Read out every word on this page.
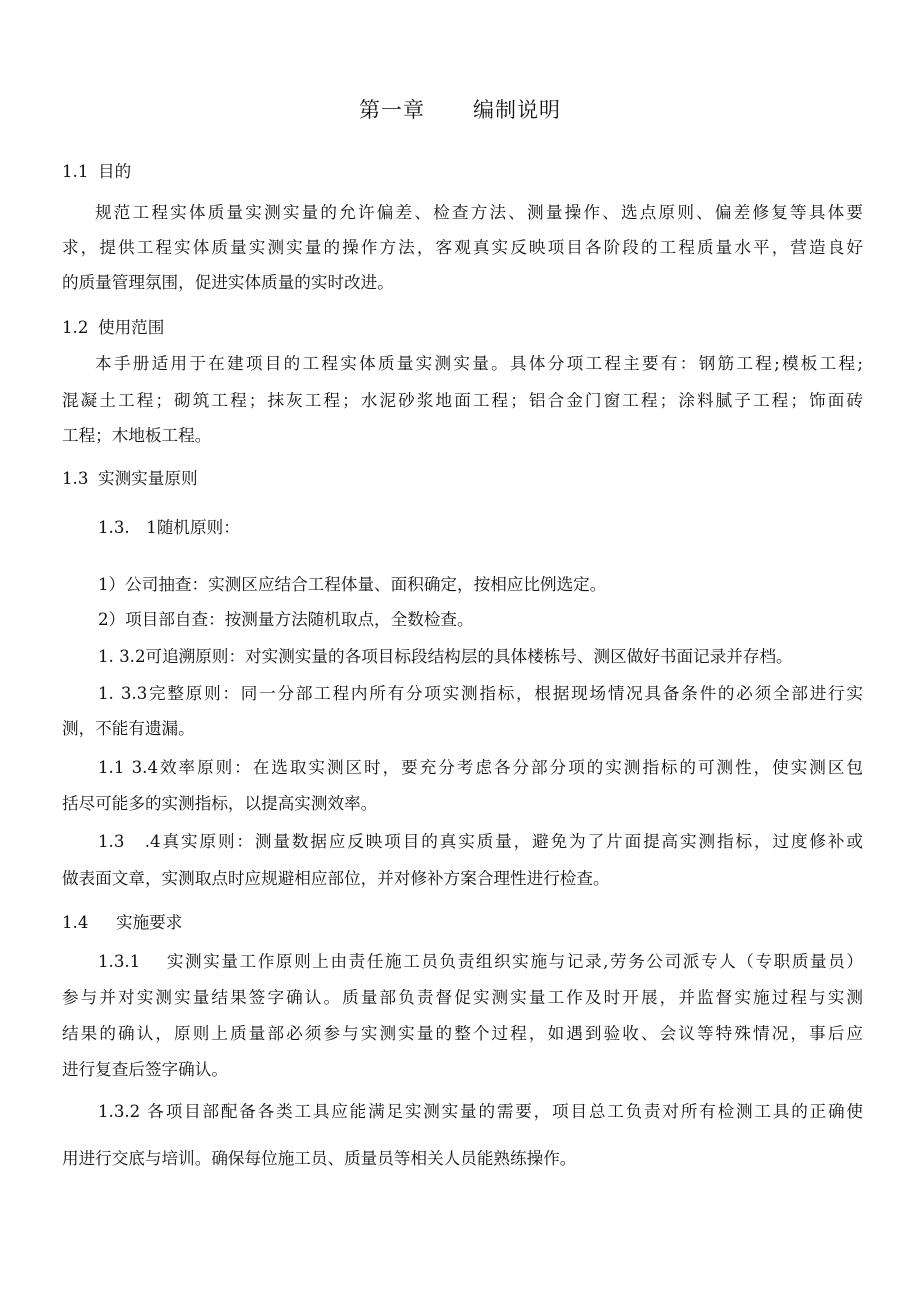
第一章 编制说明
1.1 目的
规范工程实体质量实测实量的允许偏差、检查方法、测量操作、选点原则、偏差修复等具体要
求，提供工程实体质量实测实量的操作方法，客观真实反映项目各阶段的工程质量水平，营造良好
的质量管理氛围，促进实体质量的实时改进。
1.2 使用范围
本手册适用于在建项目的工程实体质量实测实量。具体分项工程主要有：钢筋工程;模板工程;
混凝土工程；砌筑工程；抹灰工程；水泥砂浆地面工程；铝合金门窗工程；涂料腻子工程；饰面砖
工程；木地板工程。
1.3 实测实量原则
1.3.　1随机原则：
1）公司抽查：实测区应结合工程体量、面积确定，按相应比例选定。
2）项目部自查：按测量方法随机取点，全数检查。
1. 3.2可追溯原则：对实测实量的各项目标段结构层的具体楼栋号、测区做好书面记录并存档。
1. 3.3完整原则：同一分部工程内所有分项实测指标，根据现场情况具备条件的必须全部进行实
测，不能有遗漏。
1.1 3.4效率原则：在选取实测区时，要充分考虑各分部分项的实测指标的可测性，使实测区包
括尽可能多的实测指标，以提高实测效率。
1.3　.4真实原则：测量数据应反映项目的真实质量，避免为了片面提高实测指标，过度修补或
做表面文章，实测取点时应规避相应部位，并对修补方案合理性进行检查。
1.4 实施要求
1.3.1　 实测实量工作原则上由责任施工员负责组织实施与记录,劳务公司派专人（专职质量员）
参与并对实测实量结果签字确认。质量部负责督促实测实量工作及时开展，并监督实施过程与实测
结果的确认，原则上质量部必须参与实测实量的整个过程，如遇到验收、会议等特殊情况，事后应
进行复查后签字确认。
1.3.2 各项目部配备各类工具应能满足实测实量的需要，项目总工负责对所有检测工具的正确使
用进行交底与培训。确保每位施工员、质量员等相关人员能熟练操作。
